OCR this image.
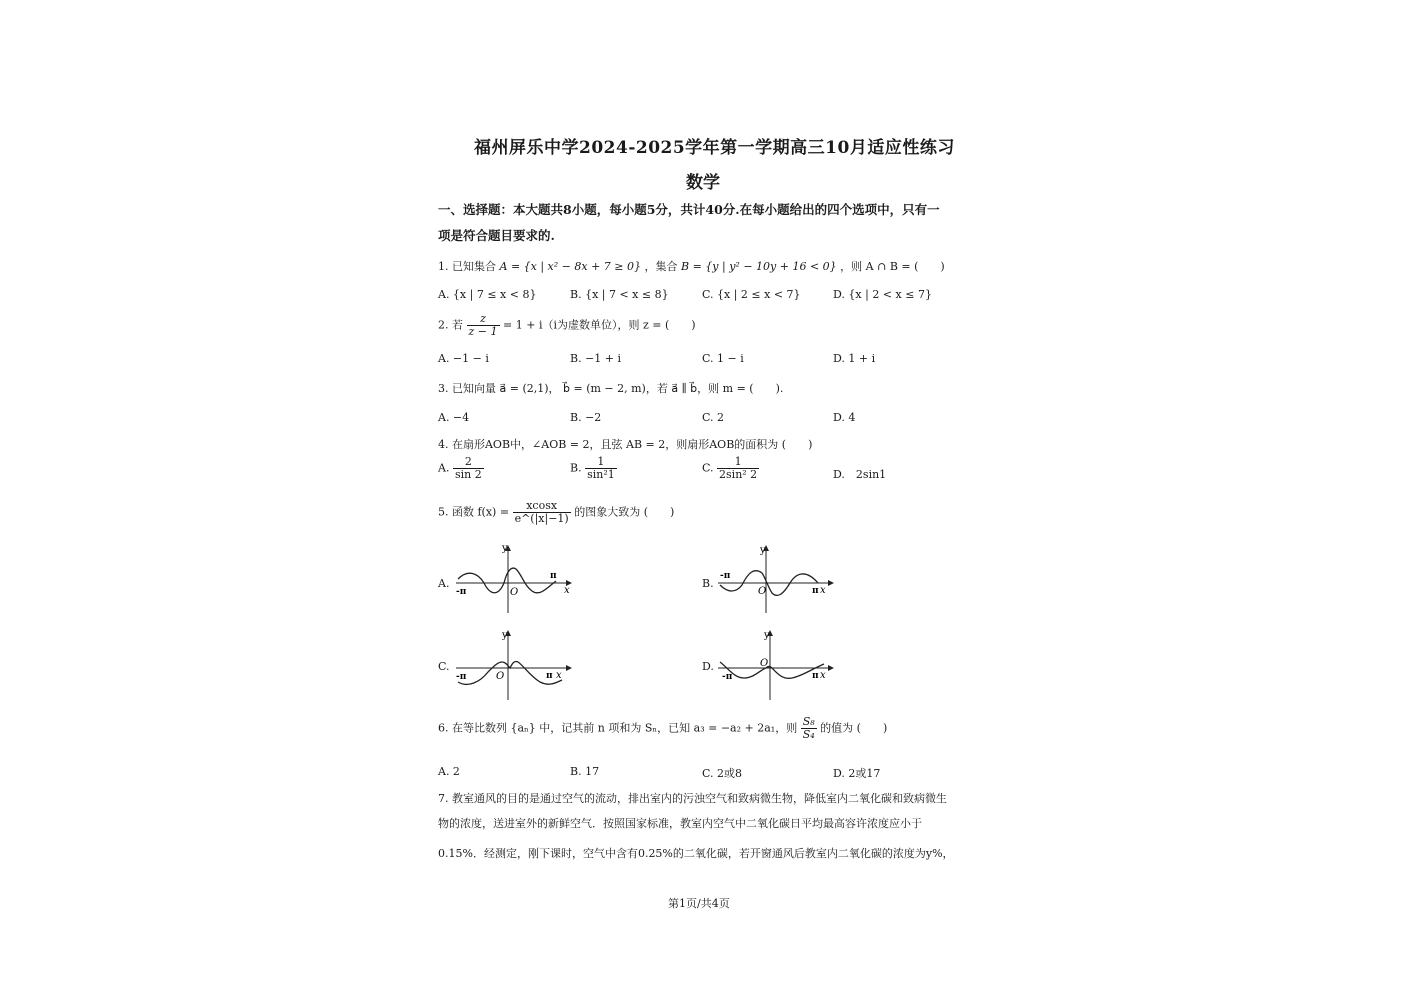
福州屏乐中学2024-2025学年第一学期高三10月适应性练习
数学
一、选择题：本大题共8小题，每小题5分，共计40分.在每小题给出的四个选项中，只有一
项是符合题目要求的.
1. 已知集合 A = {x | x² − 8x + 7 ≥ 0} ，集合 B = {y | y² − 10y + 16 < 0} ，则 A ∩ B = (　　)
A. {x | 7 ≤ x < 8}	B. {x | 7 < x ≤ 8}	C. {x | 2 ≤ x < 7}	D. {x | 2 < x ≤ 7}
2. 若 $\frac{z}{z - 1} = 1 + i(i$为虚数单位），则 z = (　　)
A. −1 − i	B. −1 + i	C. 1 − i	D. 1 + i
3. 已知向量 a⃗ = (2,1)， b⃗ = (m − 2, m)，若 a⃗ ∥ b⃗，则 m = (　　).
A. −4	B. −2	C. 2	D. 4
4. 在扇形AOB中，∠AOB = 2，且弦 AB = 2，则扇形AOB的面积为 (　　)
A. $\frac{2}{\sin 2}$	B. $\frac{1}{\text{sin²1}}$	C. $\frac{1}{\text{2sin² 2}}$	D.　2sin1
5. 函数 $f(x) = \frac{xcosx}{e\^{}(|x|-1)}$ 的图象大致为 (　　)
A.
y
x
O
-π
π
B.
y
x
O
-π
π
C.
y
x
O
-π	π
D.
y
x
O
-π	π
6. 在等比数列 {aₙ} 中，记其前 n 项和为 Sₙ，已知 a₃ = −a₂ + 2a₁，则 $\frac{\text{S₈}}{\text{S₄}}$ 的值为 (　　)
A. 2	B. 17	C. 2或8	D. 2或17
7. 教室通风的目的是通过空气的流动，排出室内的污浊空气和致病微生物，降低室内二氧化碳和致病微生
物的浓度，送进室外的新鲜空气．按照国家标准，教室内空气中二氧化碳日平均最高容许浓度应小于
0.15%．经测定，刚下课时，空气中含有0.25%的二氧化碳，若开窗通风后教室内二氧化碳的浓度为y%，
第1页/共4页
